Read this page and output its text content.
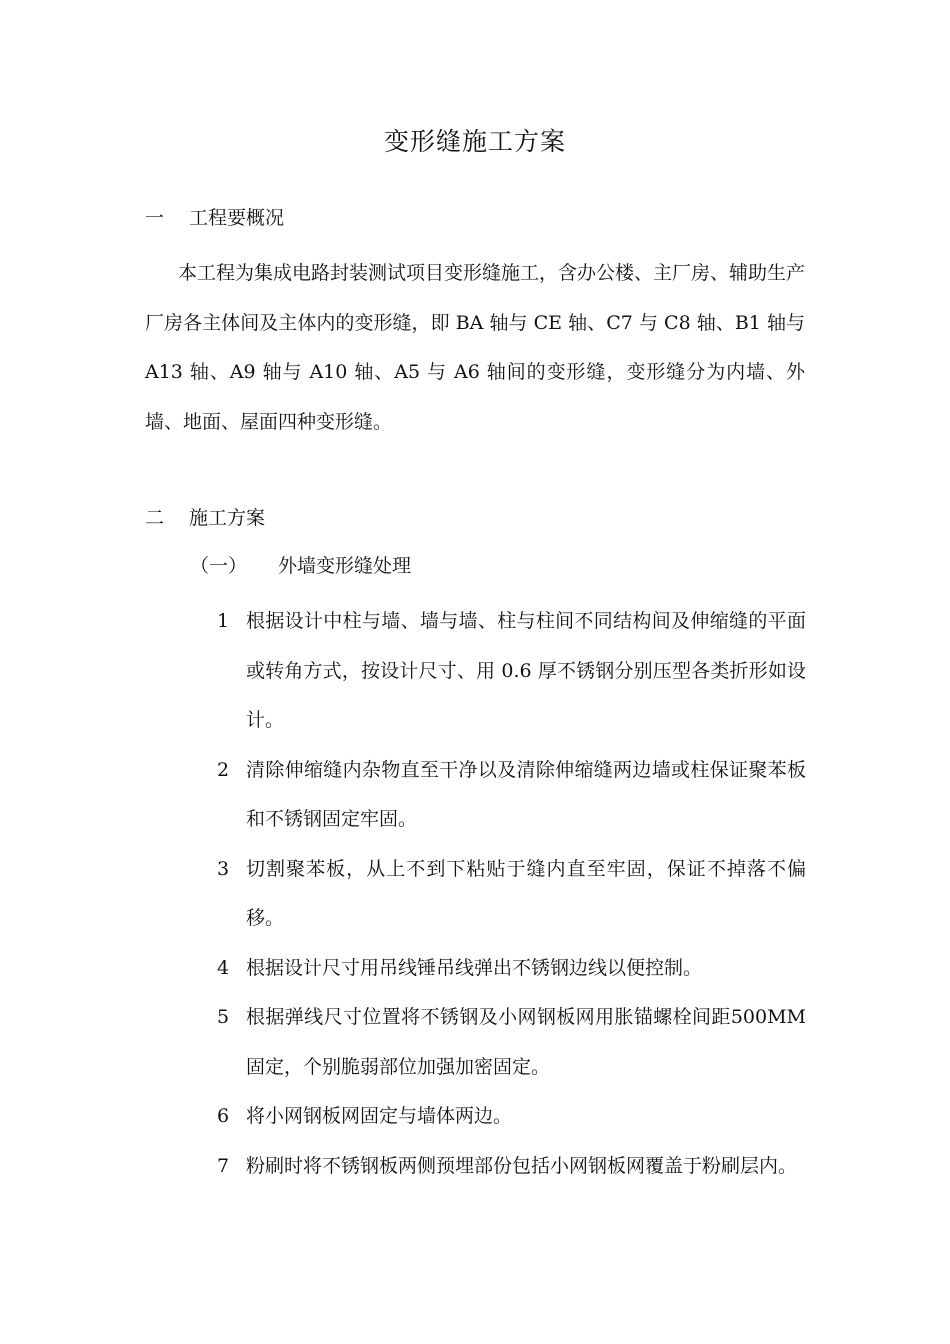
变形缝施工方案
一 工程要概况

本工程为集成电路封装测试项目变形缝施工，含办公楼、主厂房、辅助生产厂房各主体间及主体内的变形缝，即 BA 轴与 CE 轴、C7 与 C8 轴、B1 轴与 A13 轴、A9 轴与 A10 轴、A5 与 A6 轴间的变形缝，变形缝分为内墙、外墙、地面、屋面四种变形缝。

二 施工方案
（一） 外墙变形缝处理
1 根据设计中柱与墙、墙与墙、柱与柱间不同结构间及伸缩缝的平面或转角方式，按设计尺寸、用 0.6 厚不锈钢分别压型各类折形如设计。
2 清除伸缩缝内杂物直至干净以及清除伸缩缝两边墙或柱保证聚苯板和不锈钢固定牢固。
3 切割聚苯板，从上不到下粘贴于缝内直至牢固，保证不掉落不偏移。
4 根据设计尺寸用吊线锤吊线弹出不锈钢边线以便控制。
5 根据弹线尺寸位置将不锈钢及小网钢板网用胀锚螺栓间距500MM 固定，个别脆弱部位加强加密固定。
6 将小网钢板网固定与墙体两边。
7 粉刷时将不锈钢板两侧预埋部份包括小网钢板网覆盖于粉刷层内。
